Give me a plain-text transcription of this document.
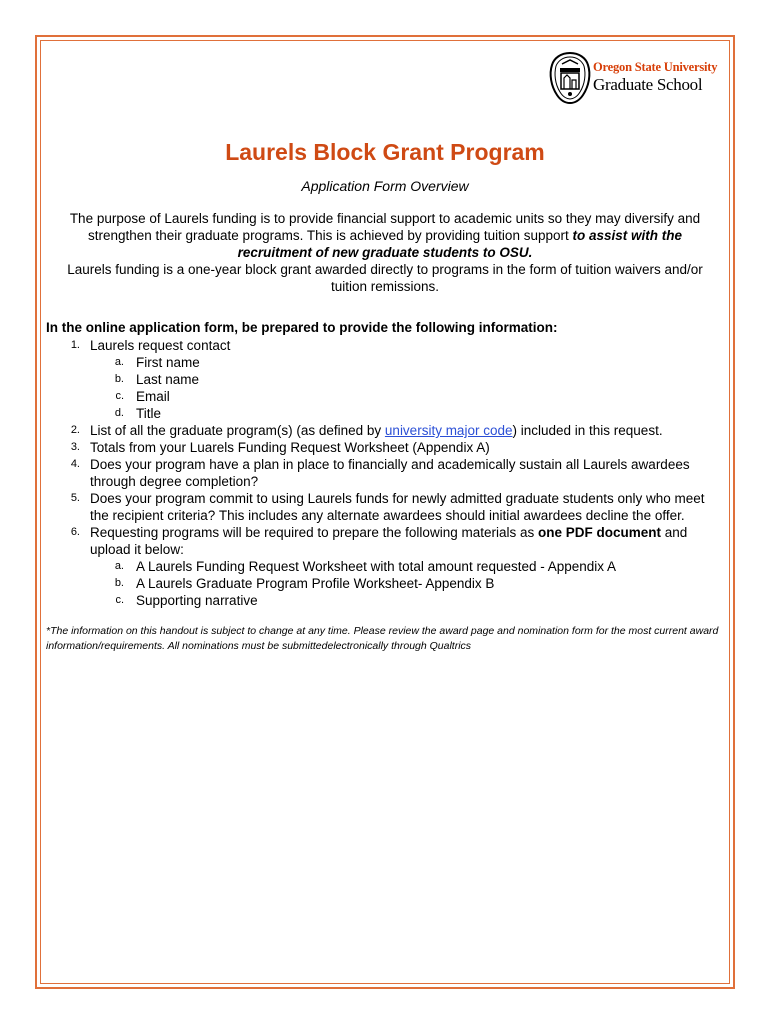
Oregon State University
Graduate School
Laurels Block Grant Program
Application Form Overview
The purpose of Laurels funding is to provide financial support to academic units so they may diversify and strengthen their graduate programs. This is achieved by providing tuition support to assist with the recruitment of new graduate students to OSU.
Laurels funding is a one-year block grant awarded directly to programs in the form of tuition waivers and/or tuition remissions.
In the online application form, be prepared to provide the following information:
1. Laurels request contact
a. First name
b. Last name
c. Email
d. Title
2. List of all the graduate program(s) (as defined by university major code) included in this request.
3. Totals from your Luarels Funding Request Worksheet (Appendix A)
4. Does your program have a plan in place to financially and academically sustain all Laurels awardees through degree completion?
5. Does your program commit to using Laurels funds for newly admitted graduate students only who meet the recipient criteria? This includes any alternate awardees should initial awardees decline the offer.
6. Requesting programs will be required to prepare the following materials as one PDF document and upload it below:
a. A Laurels Funding Request Worksheet with total amount requested - Appendix A
b. A Laurels Graduate Program Profile Worksheet- Appendix B
c. Supporting narrative
*The information on this handout is subject to change at any time. Please review the award page and nomination form for the most current award information/requirements. All nominations must be submittedelectronically through Qualtrics
